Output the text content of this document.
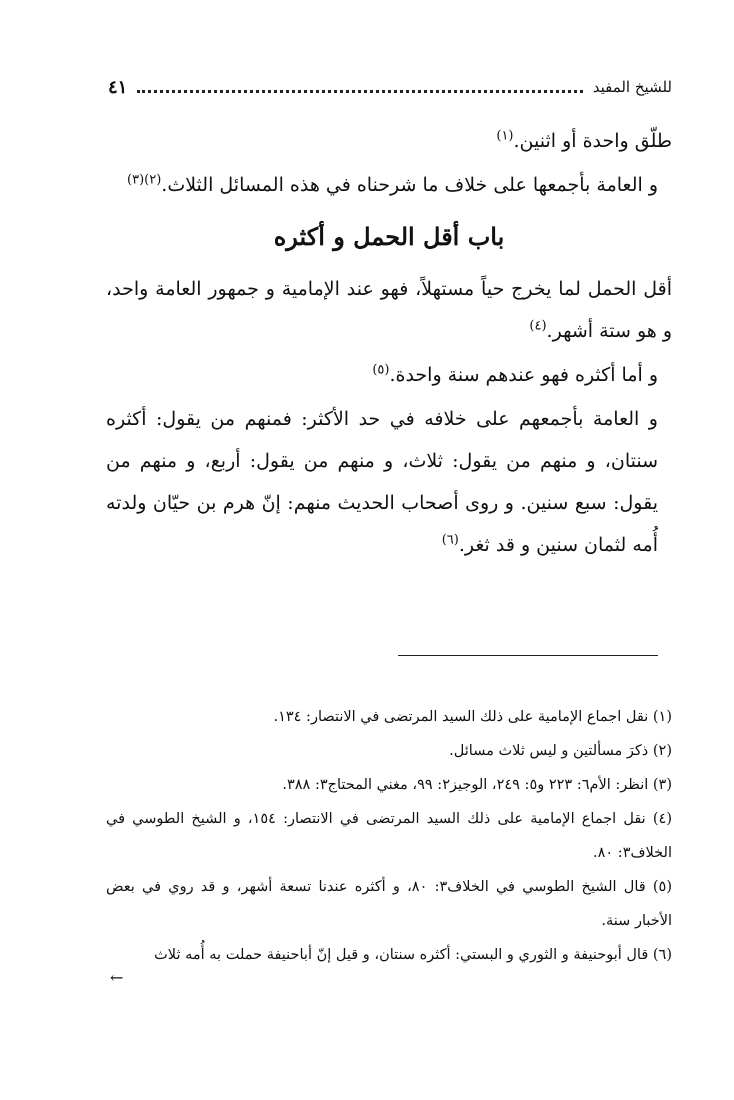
للشيخ المفيد
٤١

طلّق واحدة أو اثنين.$^{(١)}$

و العامة بأجمعها على خلاف ما شرحناه في هذه المسائل الثلاث.$^{(٢)(٣)}$

باب أقل الحمل و أكثره

أقل الحمل لما يخرج حياً مستهلاً، فهو عند الإمامية و جمهور العامة واحد، و هو ستة أشهر.$^{(٤)}$

و أما أكثره فهو عندهم سنة واحدة.$^{(٥)}$

و العامة بأجمعهم على خلافه في حد الأكثر: فمنهم من يقول: أكثره سنتان، و منهم من يقول: ثلاث، و منهم من يقول: أربع، و منهم من يقول: سبع سنين. و روى أصحاب الحديث منهم: إنّ هرم بن حيّان ولدته أُمه لثمان سنين و قد ثغر.$^{(٦)}$

(١) نقل اجماع الإمامية على ذلك السيد المرتضى في الانتصار: ١٣٤.

(٢) ذكرَ مسألتين و ليس ثلاث مسائل.

(٣) انظر: الأم٦: ٢٢٣ و٥: ٢٤٩، الوجيز٢: ٩٩، مغني المحتاج٣: ٣٨٨.

(٤) نقل اجماع الإمامية على ذلك السيد المرتضى في الانتصار: ١٥٤، و الشيخ الطوسي في الخلاف٣: ٨٠.

(٥) قال الشيخ الطوسي في الخلاف٣: ٨٠، و أكثره عندنا تسعة أشهر، و قد روي في بعض الأخبار سنة.

(٦) قال أبوحنيفة و الثوري و البستي: أكثره سنتان، و قيل إنّ أباحنيفة حملت به أُمه ثلاث

←
